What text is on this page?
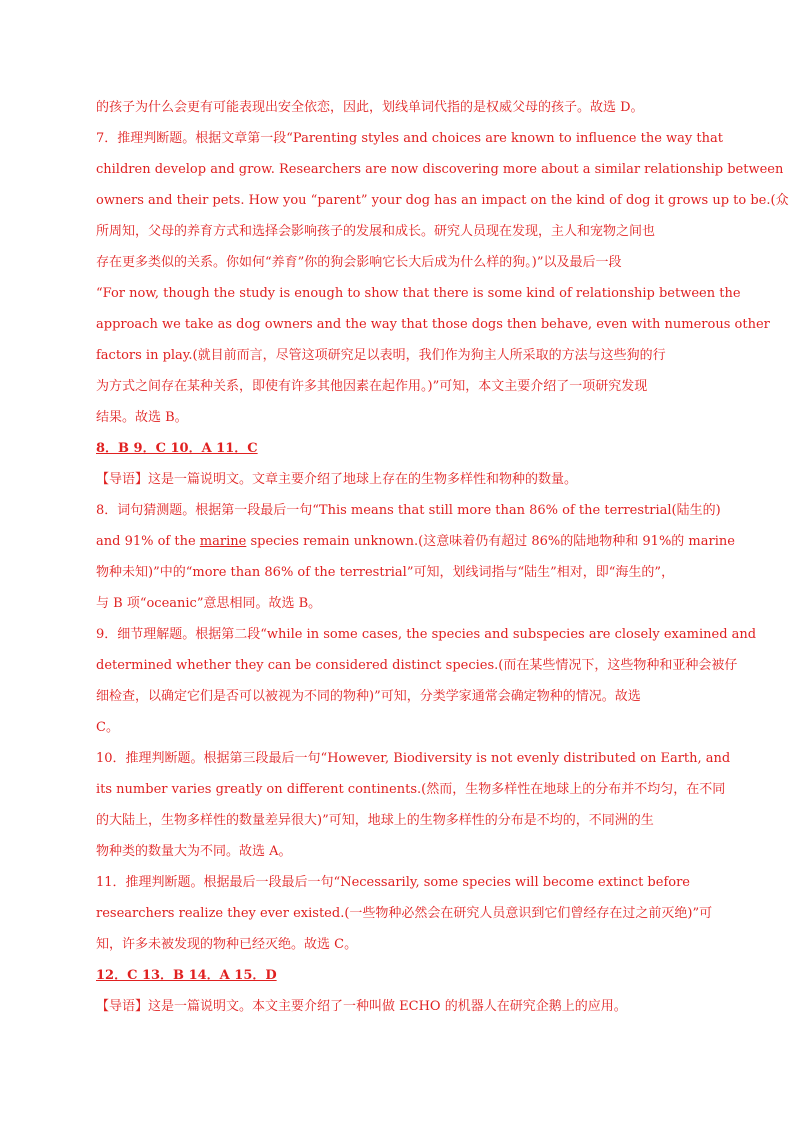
的孩子为什么会更有可能表现出安全依恋，因此，划线单词代指的是权威父母的孩子。故选 D。
7．推理判断题。根据文章第一段“Parenting styles and choices are known to influence the way that
children develop and grow. Researchers are now discovering more about a similar relationship between
owners and their pets. How you “parent” your dog has an impact on the kind of dog it grows up to be.(众
所周知，父母的养育方式和选择会影响孩子的发展和成长。研究人员现在发现，主人和宠物之间也
存在更多类似的关系。你如何“养育”你的狗会影响它长大后成为什么样的狗。)”以及最后一段
“For now, though the study is enough to show that there is some kind of relationship between the
approach we take as dog owners and the way that those dogs then behave, even with numerous other
factors in play.(就目前而言，尽管这项研究足以表明，我们作为狗主人所采取的方法与这些狗的行
为方式之间存在某种关系，即使有许多其他因素在起作用。)”可知，本文主要介绍了一项研究发现
结果。故选 B。
8．B 9．C 10．A 11．C
【导语】这是一篇说明文。文章主要介绍了地球上存在的生物多样性和物种的数量。
8．词句猜测题。根据第一段最后一句“This means that still more than 86% of the terrestrial(陆生的)
and 91% of the marine species remain unknown.(这意味着仍有超过 86%的陆地物种和 91%的 marine
物种未知)”中的“more than 86% of the terrestrial”可知，划线词指与“陆生”相对，即“海生的”，
与 B 项“oceanic”意思相同。故选 B。
9．细节理解题。根据第二段“while in some cases, the species and subspecies are closely examined and
determined whether they can be considered distinct species.(而在某些情况下，这些物种和亚种会被仔
细检查，以确定它们是否可以被视为不同的物种)”可知，分类学家通常会确定物种的情况。故选
C。
10．推理判断题。根据第三段最后一句“However, Biodiversity is not evenly distributed on Earth, and
its number varies greatly on different continents.(然而，生物多样性在地球上的分布并不均匀，在不同
的大陆上，生物多样性的数量差异很大)”可知，地球上的生物多样性的分布是不均的，不同洲的生
物种类的数量大为不同。故选 A。
11．推理判断题。根据最后一段最后一句“Necessarily, some species will become extinct before
researchers realize they ever existed.(一些物种必然会在研究人员意识到它们曾经存在过之前灭绝)”可
知，许多未被发现的物种已经灭绝。故选 C。
12．C 13．B 14．A 15．D
【导语】这是一篇说明文。本文主要介绍了一种叫做 ECHO 的机器人在研究企鹅上的应用。
